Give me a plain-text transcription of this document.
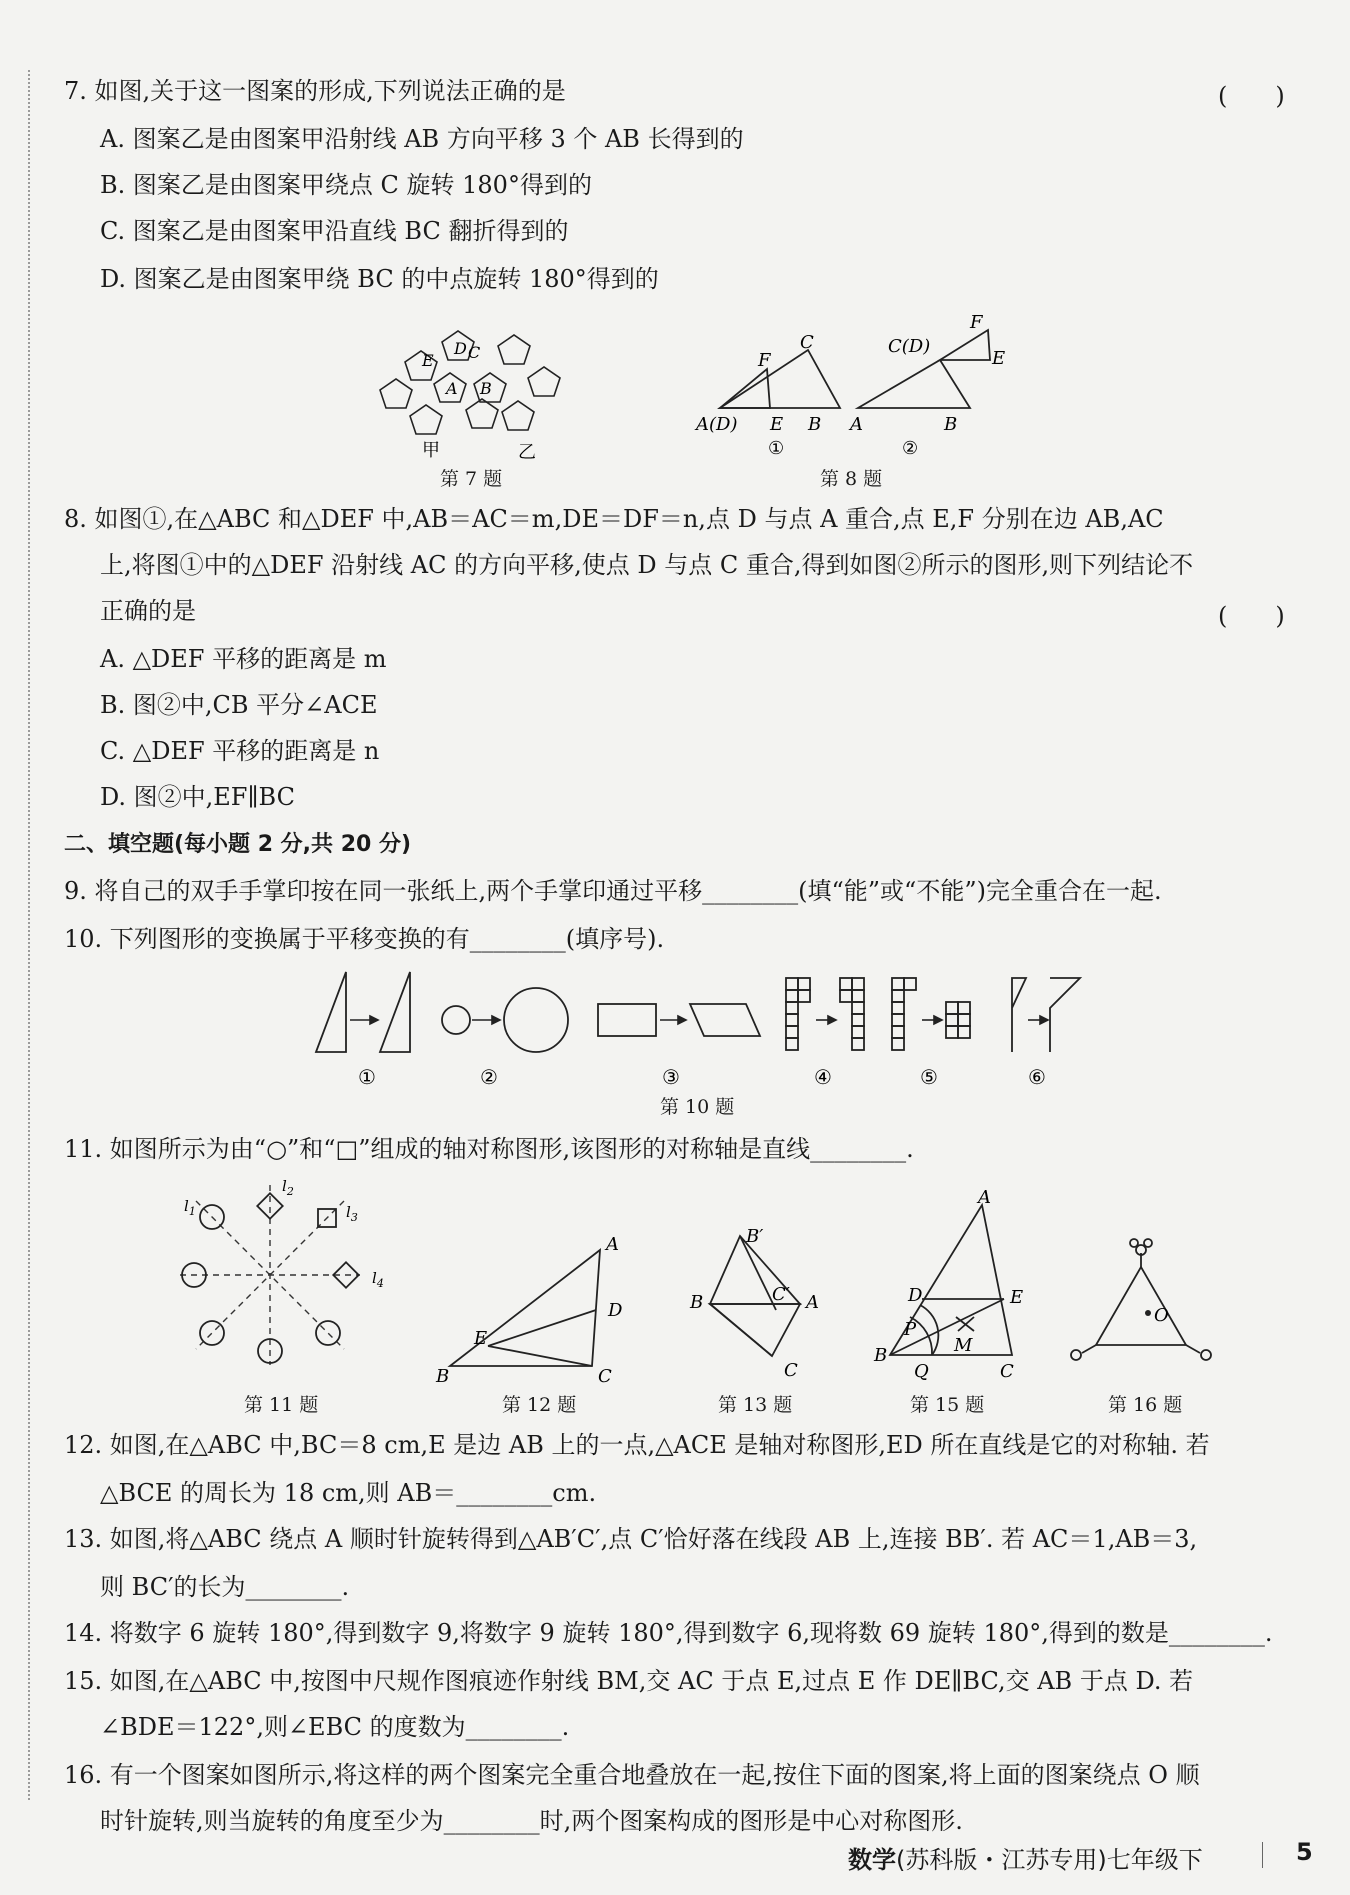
7. 如图,关于这一图案的形成,下列说法正确的是	(　　)
A. 图案乙是由图案甲沿射线 AB 方向平移 3 个 AB 长得到的
B. 图案乙是由图案甲绕点 C 旋转 180°得到的
C. 图案乙是由图案甲沿直线 BC 翻折得到的
D. 图案乙是由图案甲绕 BC 的中点旋转 180°得到的
E
D C
A B
甲	乙
第 7 题
C
F
A(D) E B
C(D)
F
E
A	B
①	②
第 8 题
8. 如图①,在△ABC 和△DEF 中,AB＝AC＝m,DE＝DF＝n,点 D 与点 A 重合,点 E,F 分别在边 AB,AC
上,将图①中的△DEF 沿射线 AC 的方向平移,使点 D 与点 C 重合,得到如图②所示的图形,则下列结论不
正确的是	(　　)
A. △DEF 平移的距离是 m
B. 图②中,CB 平分∠ACE
C. △DEF 平移的距离是 n
D. 图②中,EF∥BC
二、填空题(每小题 2 分,共 20 分)
9. 将自己的双手手掌印按在同一张纸上,两个手掌印通过平移________(填“能”或“不能”)完全重合在一起.
10. 下列图形的变换属于平移变换的有________(填序号).
①	②	③	④	⑤	⑥
第 10 题
11. 如图所示为由“○”和“□”组成的轴对称图形,该图形的对称轴是直线________.
$l_2$
$l_1$	$l_3$
$l_4$
A
D
E
B	C
B′
B	C′ A
C
A
D	E
P
M
B
Q	C
O
第 11 题	第 12 题	第 13 题	第 15 题	第 16 题
12. 如图,在△ABC 中,BC＝8 cm,E 是边 AB 上的一点,△ACE 是轴对称图形,ED 所在直线是它的对称轴. 若
△BCE 的周长为 18 cm,则 AB＝________cm.
13. 如图,将△ABC 绕点 A 顺时针旋转得到△AB′C′,点 C′恰好落在线段 AB 上,连接 BB′. 若 AC＝1,AB＝3,
则 BC′的长为________.
14. 将数字 6 旋转 180°,得到数字 9,将数字 9 旋转 180°,得到数字 6,现将数 69 旋转 180°,得到的数是________.
15. 如图,在△ABC 中,按图中尺规作图痕迹作射线 BM,交 AC 于点 E,过点 E 作 DE∥BC,交 AB 于点 D. 若
∠BDE＝122°,则∠EBC 的度数为________.
16. 有一个图案如图所示,将这样的两个图案完全重合地叠放在一起,按住下面的图案,将上面的图案绕点 O 顺
时针旋转,则当旋转的角度至少为________时,两个图案构成的图形是中心对称图形.
数学(苏科版・江苏专用)七年级下	5
